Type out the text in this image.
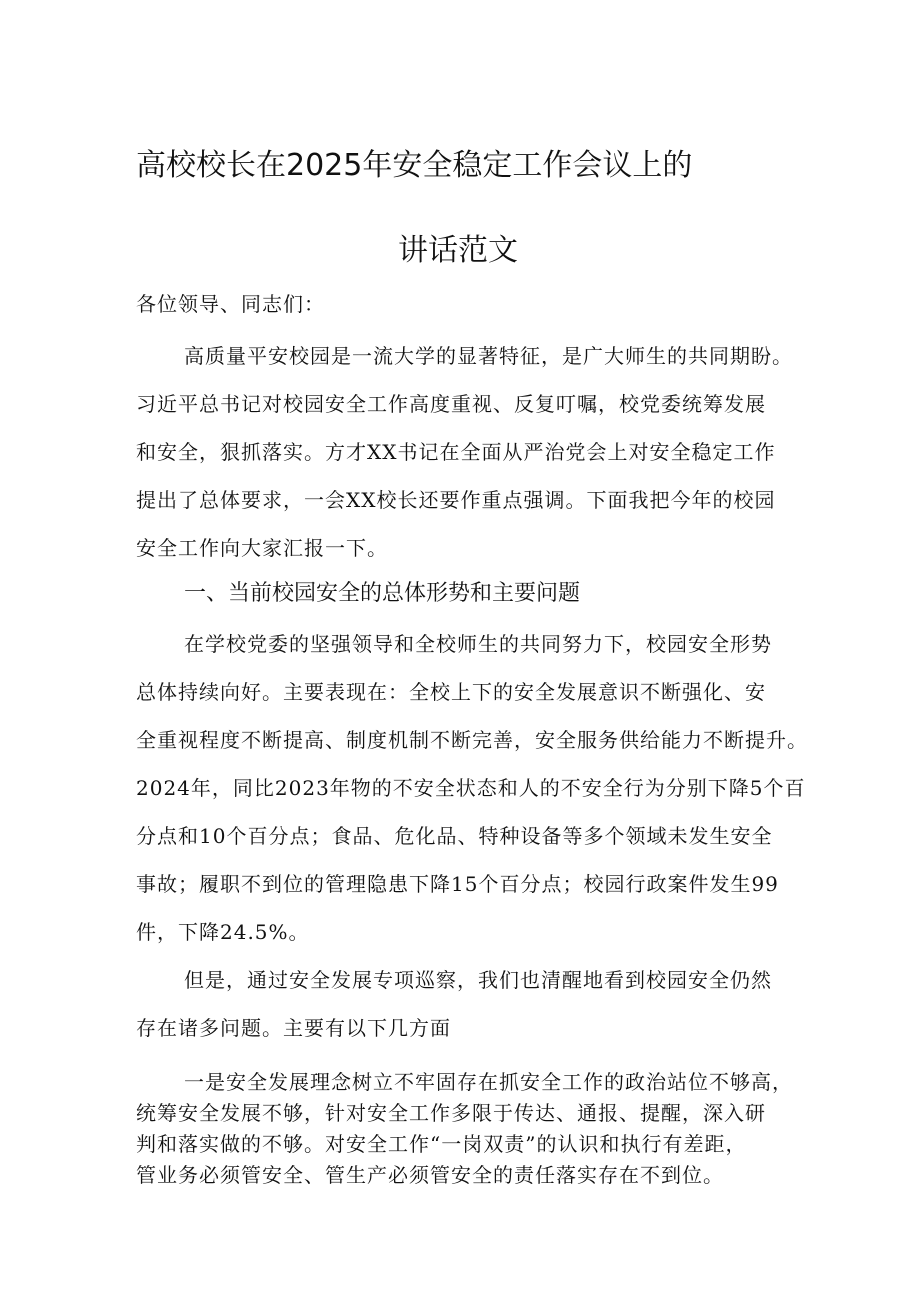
高校校长在2025年安全稳定工作会议上的
讲话范文
各位领导、同志们：
高质量平安校园是一流大学的显著特征，是广大师生的共同期盼。
习近平总书记对校园安全工作高度重视、反复叮嘱，校党委统筹发展
和安全，狠抓落实。方才XX书记在全面从严治党会上对安全稳定工作
提出了总体要求，一会XX校长还要作重点强调。下面我把今年的校园
安全工作向大家汇报一下。
一、当前校园安全的总体形势和主要问题
在学校党委的坚强领导和全校师生的共同努力下，校园安全形势
总体持续向好。主要表现在：全校上下的安全发展意识不断强化、安
全重视程度不断提高、制度机制不断完善，安全服务供给能力不断提升。
2024年，同比2023年物的不安全状态和人的不安全行为分别下降5个百
分点和10个百分点；食品、危化品、特种设备等多个领域未发生安全
事故；履职不到位的管理隐患下降15个百分点；校园行政案件发生99
件，下降24.5%。
但是，通过安全发展专项巡察，我们也清醒地看到校园安全仍然
存在诸多问题。主要有以下几方面
一是安全发展理念树立不牢固存在抓安全工作的政治站位不够高，
统筹安全发展不够，针对安全工作多限于传达、通报、提醒，深入研
判和落实做的不够。对安全工作“一岗双责”的认识和执行有差距，
管业务必须管安全、管生产必须管安全的责任落实存在不到位。
